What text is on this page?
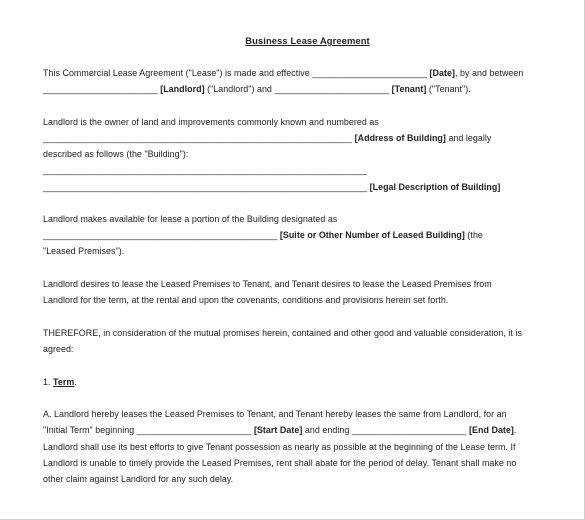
Business Lease Agreement
This Commercial Lease Agreement ("Lease") is made and effective _______________________ [Date], by and between
_______________________ [Landlord] ("Landlord") and _______________________ [Tenant] ("Tenant").
Landlord is the owner of land and improvements commonly known and numbered as
______________________________________________________________ [Address of Building] and legally
described as follows (the "Building"):
_________________________________________________________________
_________________________________________________________________ [Legal Description of Building]
Landlord makes available for lease a portion of the Building designated as
_______________________________________________ [Suite or Other Number of Leased Building] (the
"Leased Premises").
Landlord desires to lease the Leased Premises to Tenant, and Tenant desires to lease the Leased Premises from
Landlord for the term, at the rental and upon the covenants, conditions and provisions herein set forth.
THEREFORE, in consideration of the mutual promises herein, contained and other good and valuable consideration, it is
agreed:
1. Term.
A. Landlord hereby leases the Leased Premises to Tenant, and Tenant hereby leases the same from Landlord, for an
"Initial Term" beginning _______________________ [Start Date] and ending _______________________ [End Date].
Landlord shall use its best efforts to give Tenant possession as nearly as possible at the beginning of the Lease term. If
Landlord is unable to timely provide the Leased Premises, rent shall abate for the period of delay. Tenant shall make no
other claim against Landlord for any such delay.
